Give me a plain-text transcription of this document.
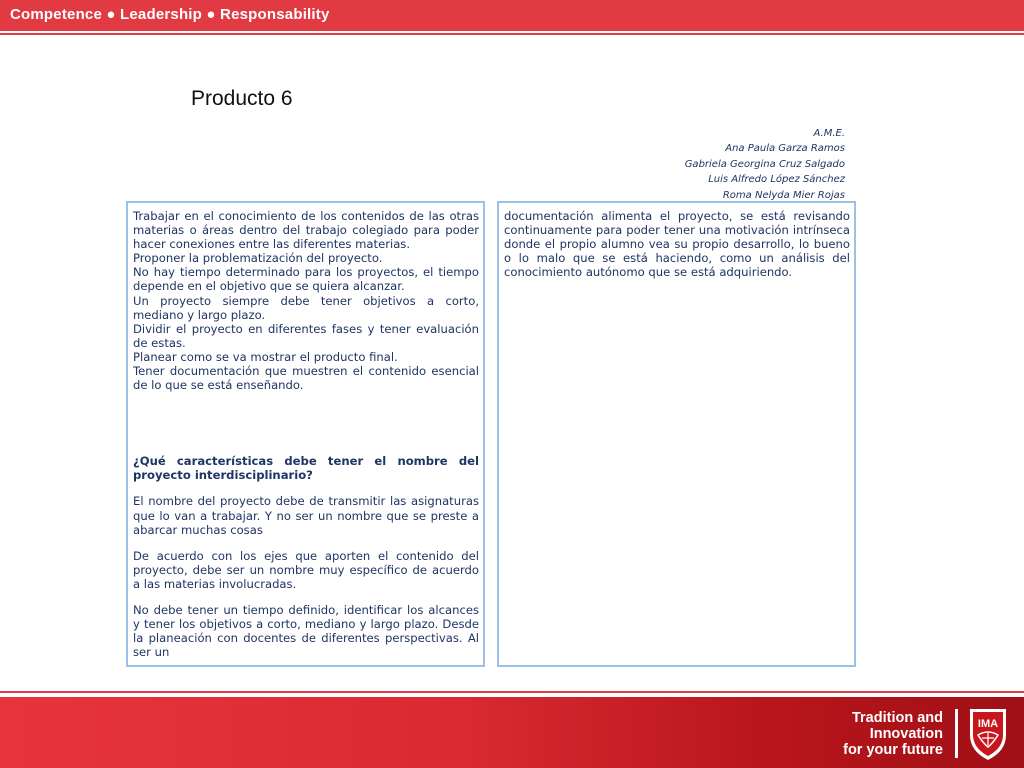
Competence ● Leadership ● Responsability
Producto 6
A.M.E.
Ana Paula Garza Ramos
Gabriela Georgina Cruz Salgado
Luis Alfredo López Sánchez
Roma Nelyda Mier Rojas

Trabajar en el conocimiento de los contenidos de las otras materias o áreas dentro del trabajo colegiado para poder hacer conexiones entre las diferentes materias.

Proponer la problematización del proyecto.

No hay tiempo determinado para los proyectos, el tiempo depende en el objetivo que se quiera alcanzar.

Un proyecto siempre debe tener objetivos a corto, mediano y largo plazo.

Dividir el proyecto en diferentes fases y tener evaluación de estas.

Planear como se va mostrar el producto final.

Tener documentación que muestren el contenido esencial de lo que se está enseñando.

¿Qué características debe tener el nombre del proyecto interdisciplinario?

El nombre del proyecto debe de transmitir las asignaturas que lo van a trabajar. Y no ser un nombre que se preste a abarcar muchas cosas

De acuerdo con los ejes que aporten el contenido del proyecto, debe ser un nombre muy específico de acuerdo a las materias involucradas.

No debe tener un tiempo definido, identificar los alcances y tener los objetivos a corto, mediano y largo plazo. Desde la planeación con docentes de diferentes perspectivas. Al ser un

documentación alimenta el proyecto, se está revisando continuamente para poder tener una motivación intrínseca donde el propio alumno vea su propio desarrollo, lo bueno o lo malo que se está haciendo, como un análisis del conocimiento autónomo que se está adquiriendo.

Tradition and
Innovation
for your future
IMA
